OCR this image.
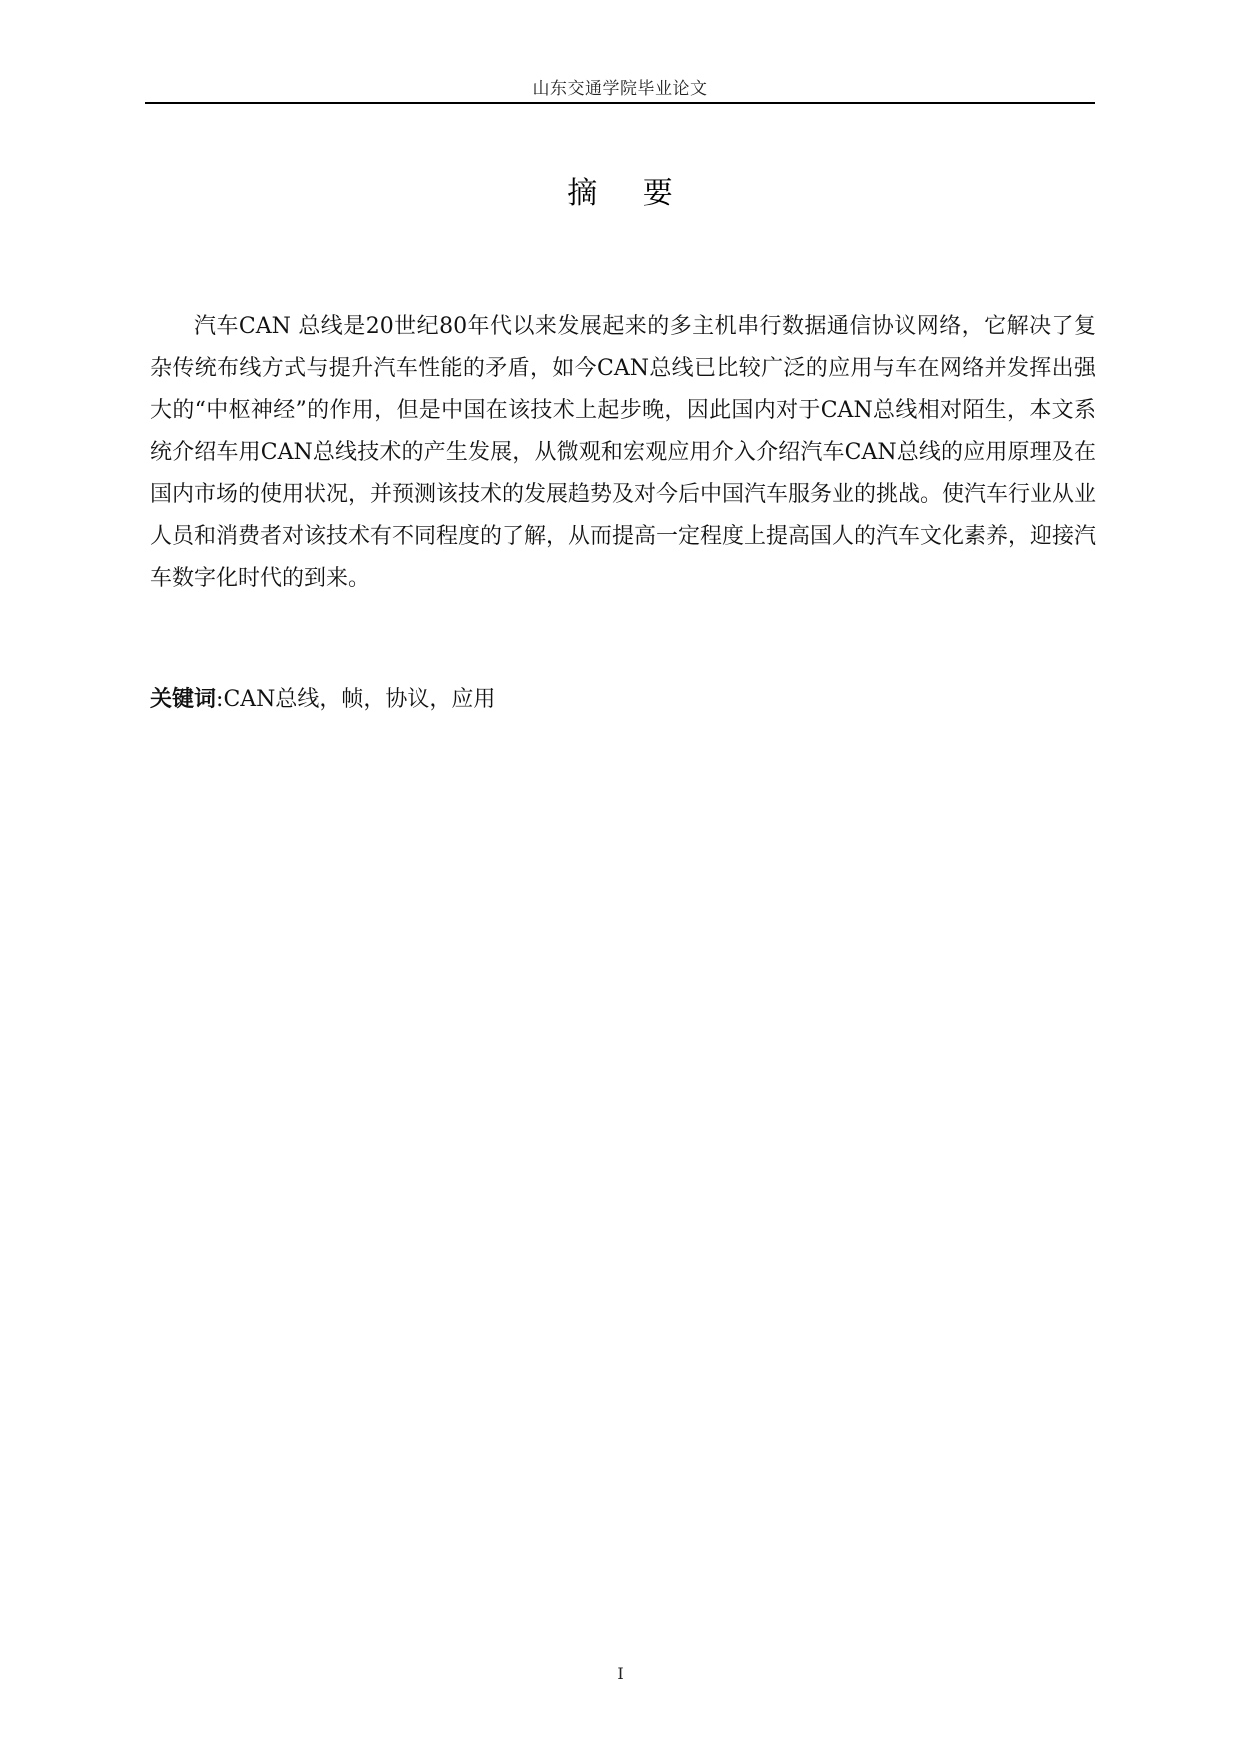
山东交通学院毕业论文
摘 要

汽车CAN 总线是20世纪80年代以来发展起来的多主机串行数据通信协议网络，它解决了复杂传统布线方式与提升汽车性能的矛盾，如今CAN总线已比较广泛的应用与车在网络并发挥出强大的“中枢神经”的作用，但是中国在该技术上起步晚，因此国内对于CAN总线相对陌生，本文系统介绍车用CAN总线技术的产生发展，从微观和宏观应用介入介绍汽车CAN总线的应用原理及在国内市场的使用状况，并预测该技术的发展趋势及对今后中国汽车服务业的挑战。使汽车行业从业人员和消费者对该技术有不同程度的了解，从而提高一定程度上提高国人的汽车文化素养，迎接汽车数字化时代的到来。

关键词:CAN总线，帧，协议，应用
I
